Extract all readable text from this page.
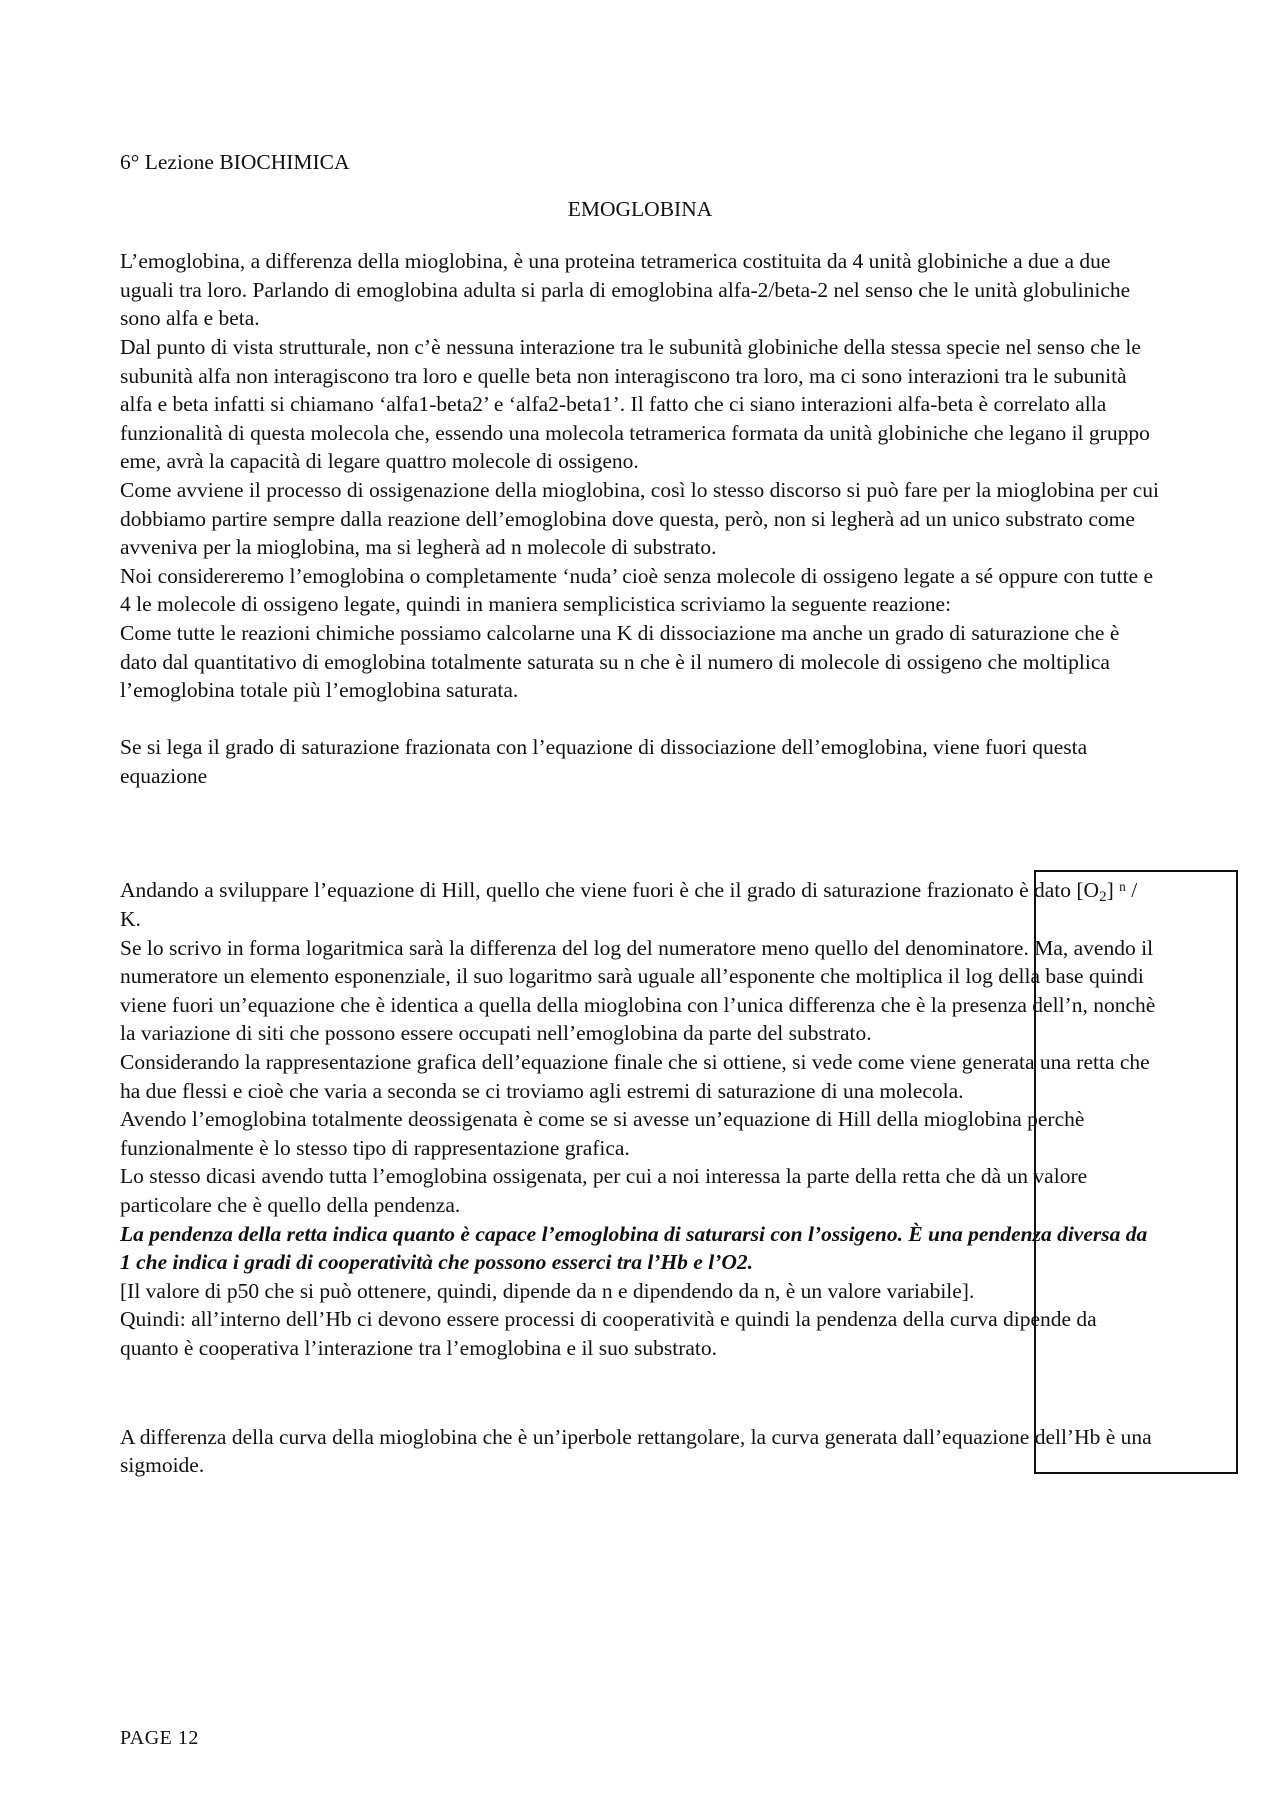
6° Lezione BIOCHIMICA

EMOGLOBINA

L’emoglobina, a differenza della mioglobina, è una proteina tetramerica costituita da 4 unità globiniche a due a due uguali tra loro. Parlando di emoglobina adulta si parla di emoglobina alfa-2/beta-2 nel senso che le unità globuliniche sono alfa e beta.

Dal punto di vista strutturale, non c’è nessuna interazione tra le subunità globiniche della stessa specie nel senso che le subunità alfa non interagiscono tra loro e quelle beta non interagiscono tra loro, ma ci sono interazioni tra le subunità alfa e beta infatti si chiamano ‘alfa1-beta2’ e ‘alfa2-beta1’. Il fatto che ci siano interazioni alfa-beta è correlato alla funzionalità di questa molecola che, essendo una molecola tetramerica formata da unità globiniche che legano il gruppo eme, avrà la capacità di legare quattro molecole di ossigeno.

Come avviene il processo di ossigenazione della mioglobina, così lo stesso discorso si può fare per la mioglobina per cui dobbiamo partire sempre dalla reazione dell’emoglobina dove questa, però, non si legherà ad un unico substrato come avveniva per la mioglobina, ma si legherà ad n molecole di substrato.

Noi considereremo l’emoglobina o completamente ‘nuda’ cioè senza molecole di ossigeno legate a sé oppure con tutte e 4 le molecole di ossigeno legate, quindi in maniera semplicistica scriviamo la seguente reazione:

Come tutte le reazioni chimiche possiamo calcolarne una K di dissociazione ma anche un grado di saturazione che è dato dal quantitativo di emoglobina totalmente saturata su n che è il numero di molecole di ossigeno che moltiplica l’emoglobina totale più l’emoglobina saturata.

Se si lega il grado di saturazione frazionata con l’equazione di dissociazione dell’emoglobina, viene fuori questa equazione

Andando a sviluppare l’equazione di Hill, quello che viene fuori è che il grado di saturazione frazionato è dato $[O_2]$ $^n$ / K.

Se lo scrivo in forma logaritmica sarà la differenza del log del numeratore meno quello del denominatore. Ma, avendo il numeratore un elemento esponenziale, il suo logaritmo sarà uguale all’esponente che moltiplica il log della base quindi viene fuori un’equazione che è identica a quella della mioglobina con l’unica differenza che è la presenza dell’n, nonchè la variazione di siti che possono essere occupati nell’emoglobina da parte del substrato.

Considerando la rappresentazione grafica dell’equazione finale che si ottiene, si vede come viene generata una retta che ha due flessi e cioè che varia a seconda se ci troviamo agli estremi di saturazione di una molecola.

Avendo l’emoglobina totalmente deossigenata è come se si avesse un’equazione di Hill della mioglobina perchè funzionalmente è lo stesso tipo di rappresentazione grafica.

Lo stesso dicasi avendo tutta l’emoglobina ossigenata, per cui a noi interessa la parte della retta che dà un valore particolare che è quello della pendenza.

La pendenza della retta indica quanto è capace l’emoglobina di saturarsi con l’ossigeno. È una pendenza diversa da 1 che indica i gradi di cooperatività che possono esserci tra l’Hb e l’O2.

[Il valore di p50 che si può ottenere, quindi, dipende da n e dipendendo da n, è un valore variabile].

Quindi: all’interno dell’Hb ci devono essere processi di cooperatività e quindi la pendenza della curva dipende da quanto è cooperativa l’interazione tra l’emoglobina e il suo substrato.

A differenza della curva della mioglobina che è un’iperbole rettangolare, la curva generata dall’equazione dell’Hb è una sigmoide.

PAGE 12
